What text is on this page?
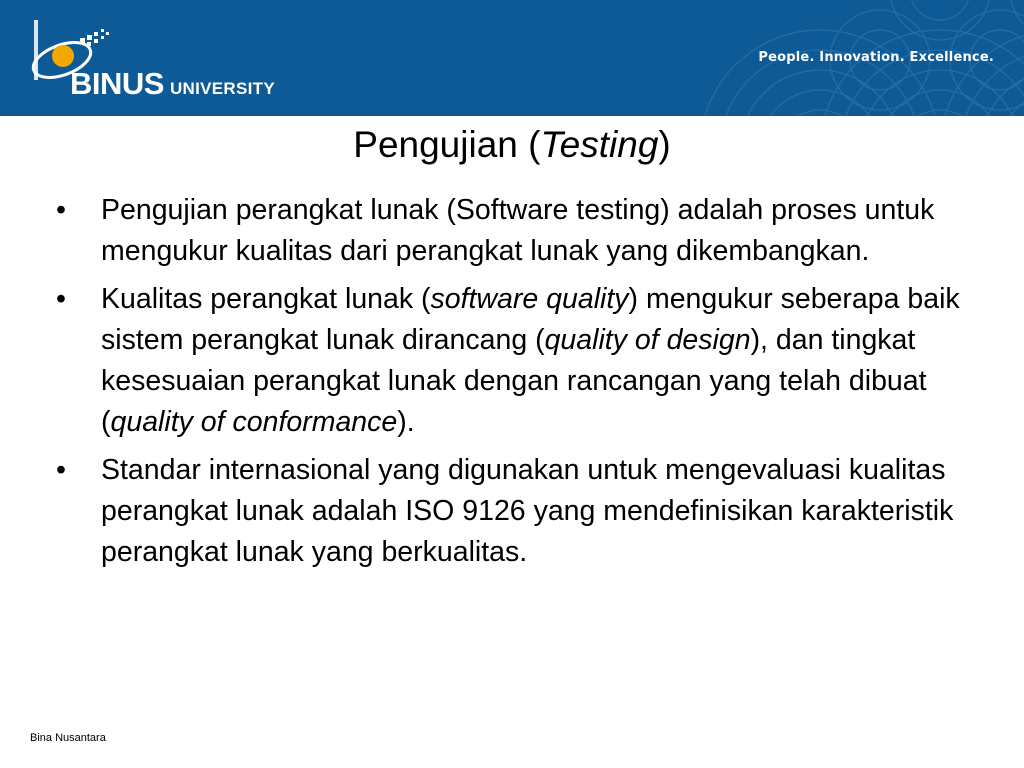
BINUS UNIVERSITY
People. Innovation. Excellence.
Pengujian (Testing)
• Pengujian perangkat lunak (Software testing) adalah proses untuk mengukur kualitas dari perangkat lunak yang dikembangkan.
• Kualitas perangkat lunak (software quality) mengukur seberapa baik sistem perangkat lunak dirancang (quality of design), dan tingkat kesesuaian perangkat lunak dengan rancangan yang telah dibuat (quality of conformance).
• Standar internasional yang digunakan untuk mengevaluasi kualitas perangkat lunak adalah ISO 9126 yang mendefinisikan karakteristik perangkat lunak yang berkualitas.
Bina Nusantara
